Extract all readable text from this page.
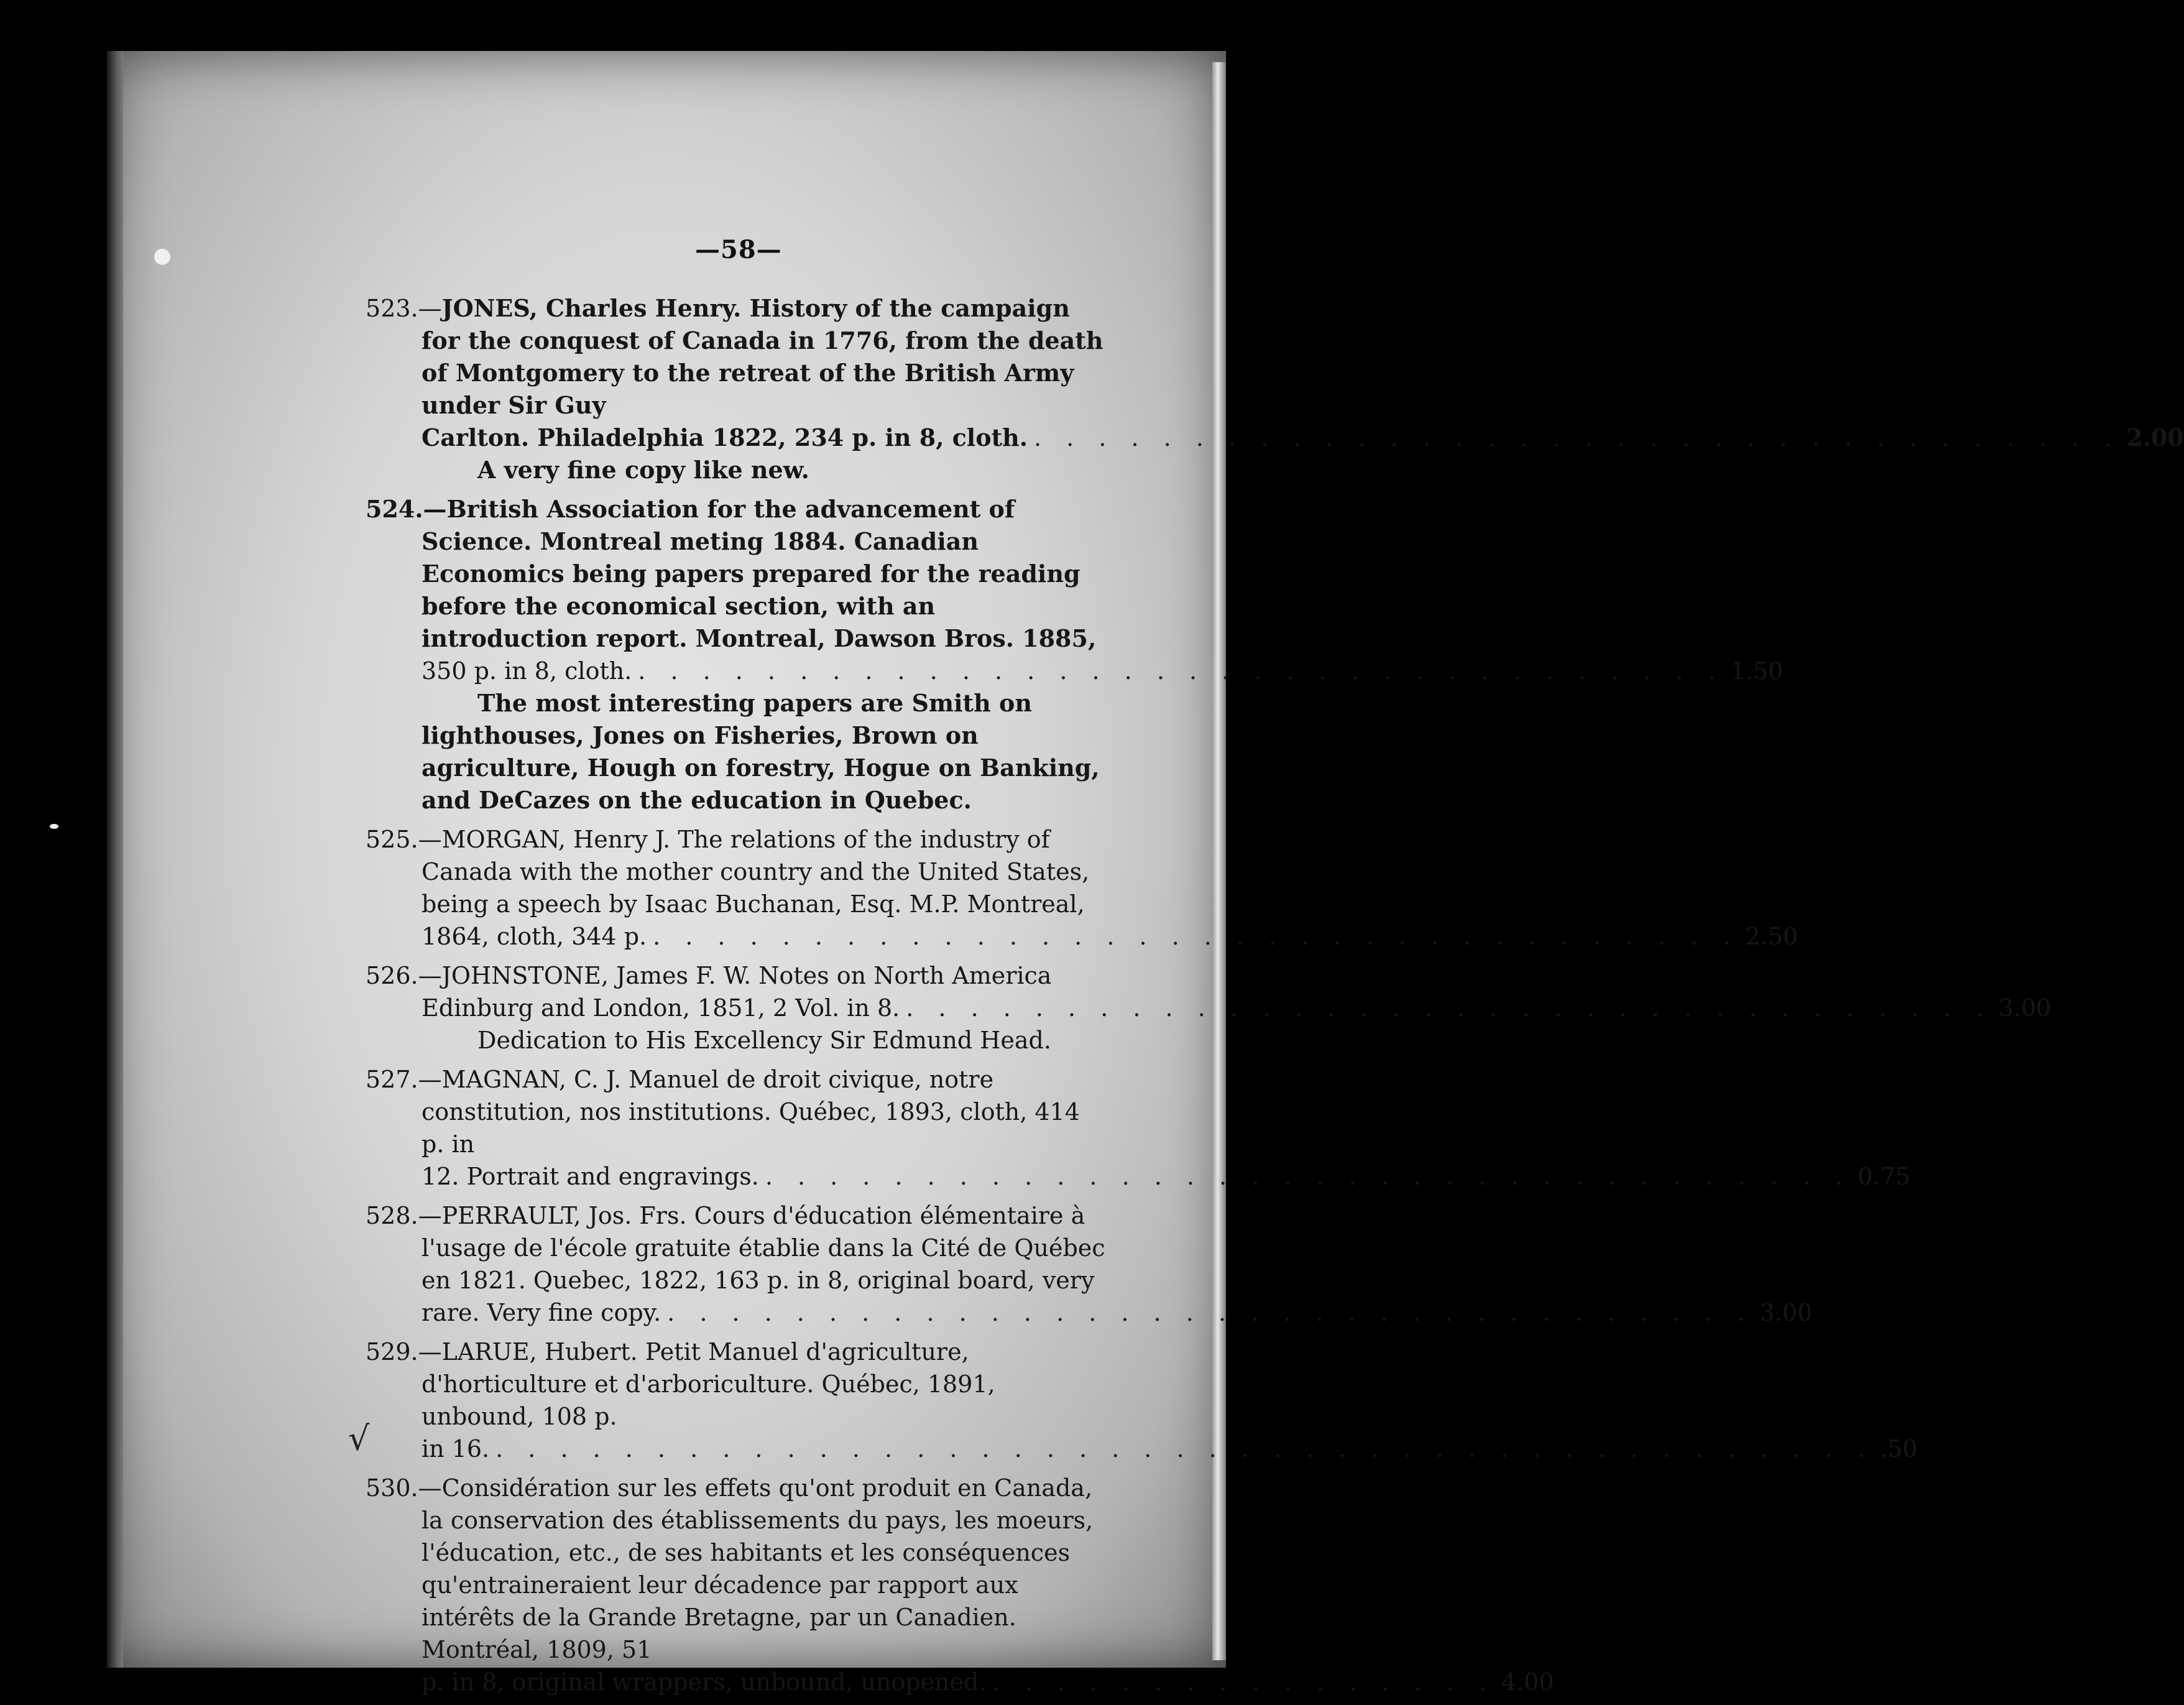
—58—
523.—JONES, Charles Henry. History of the campaign for the conquest of Canada in 1776, from the death of Montgomery to the retreat of the British Army under Sir Guy
Carlton. Philadelphia 1822, 234 p. in 8, cloth. . . . . . . . . . . . . . . . . . . . . . . . . . . . . . . . . . . 2.00
A very fine copy like new.
524.—British Association for the advancement of Science. Montreal meting 1884. Canadian Economics being papers prepared for the reading before the economical section, with an introduction report. Montreal, Dawson Bros. 1885,
350 p. in 8, cloth. . . . . . . . . . . . . . . . . . . . . . . . . . . . . . . . . . . 1.50
The most interesting papers are Smith on lighthouses, Jones on Fisheries, Brown on agriculture, Hough on forestry, Hogue on Banking, and DeCazes on the education in Quebec.
525.—MORGAN, Henry J. The relations of the industry of Canada with the mother country and the United States, being a speech by Isaac Buchanan, Esq. M.P. Montreal,
1864, cloth, 344 p. . . . . . . . . . . . . . . . . . . . . . . . . . . . . . . . . . . 2.50
526.—JOHNSTONE, James F. W. Notes on North America
Edinburg and London, 1851, 2 Vol. in 8. . . . . . . . . . . . . . . . . . . . . . . . . . . . . . . . . . . 3.00
Dedication to His Excellency Sir Edmund Head.
527.—MAGNAN, C. J. Manuel de droit civique, notre constitution, nos institutions. Québec, 1893, cloth, 414 p. in
12. Portrait and engravings. . . . . . . . . . . . . . . . . . . . . . . . . . . . . . . . . . . 0.75
528.—PERRAULT, Jos. Frs. Cours d'éducation élémentaire à l'usage de l'école gratuite établie dans la Cité de Québec en 1821. Quebec, 1822, 163 p. in 8, original board, very
rare. Very fine copy. . . . . . . . . . . . . . . . . . . . . . . . . . . . . . . . . . . 3.00
529.—LARUE, Hubert. Petit Manuel d'agriculture, d'horticulture et d'arboriculture. Québec, 1891, unbound, 108 p.
in 16. . . . . . . . . . . . . . . . . . . . . . . . . . . . . . . . . . . . . . . . . . . . .50
530.—Considération sur les effets qu'ont produit en Canada, la conservation des établissements du pays, les moeurs, l'éducation, etc., de ses habitants et les conséquences qu'entraineraient leur décadence par rapport aux intérêts de la Grande Bretagne, par un Canadien. Montréal, 1809, 51
p. in 8, original wrappers, unbound, unopened. . . . . . . . . . . . . . . . . 4.00
√
